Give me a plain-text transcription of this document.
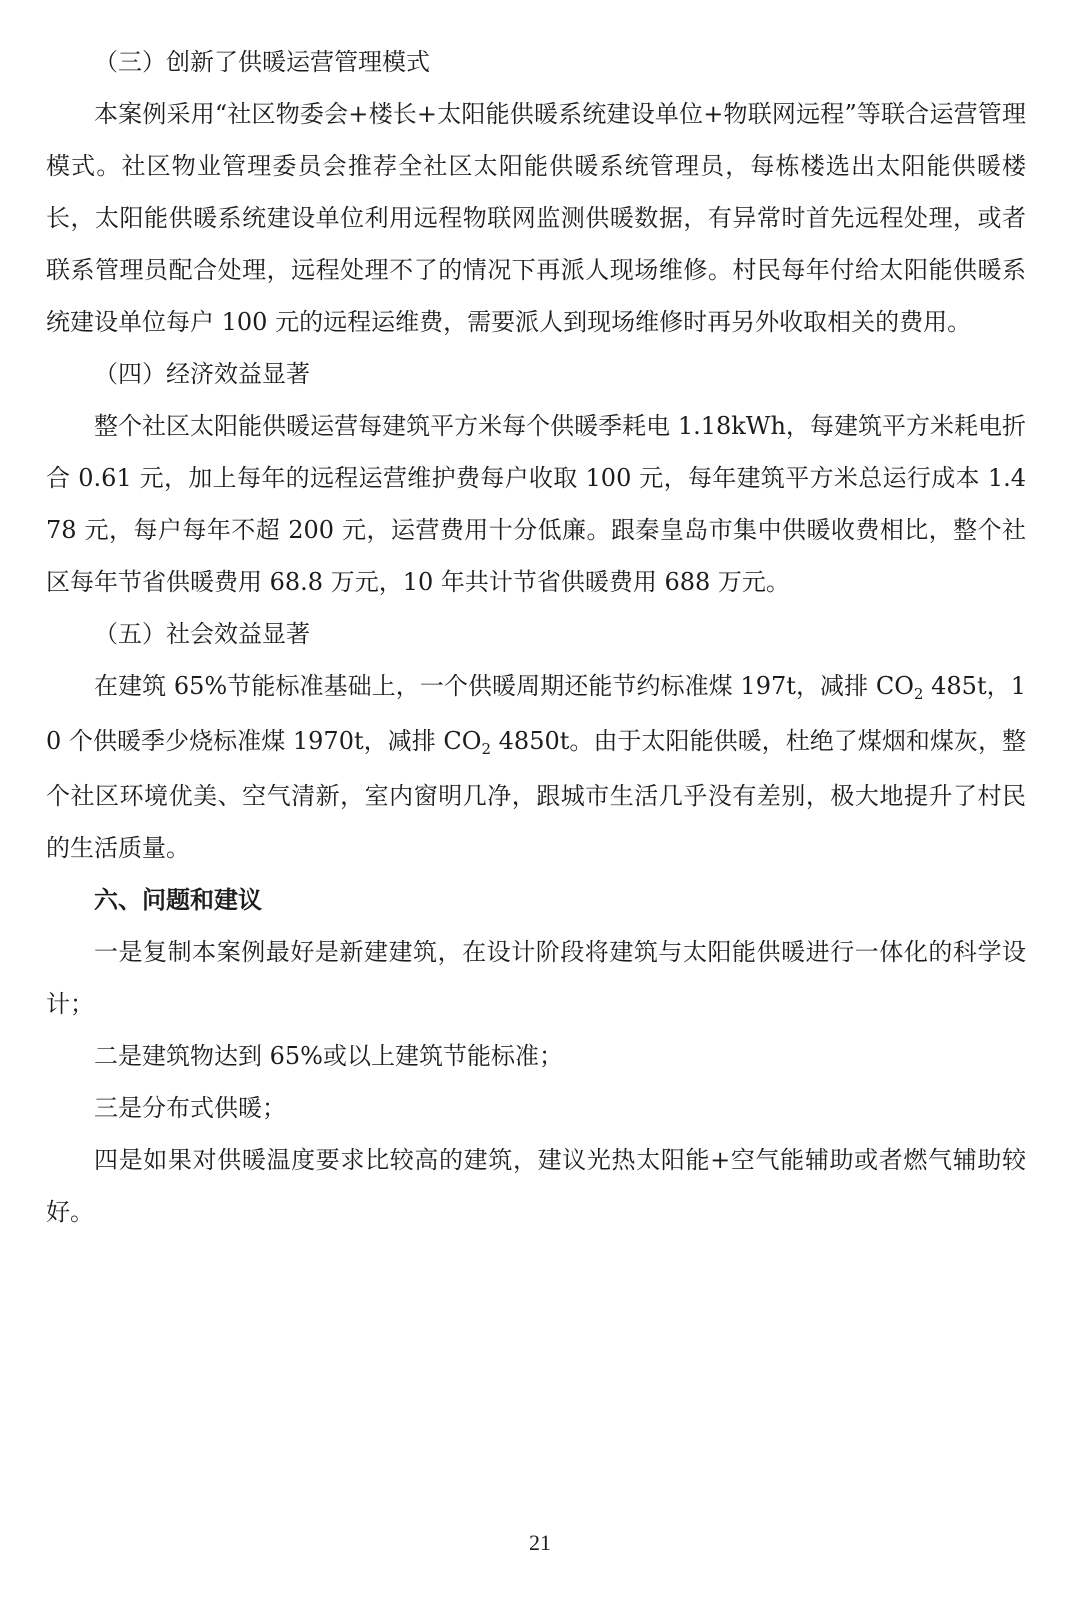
（三）创新了供暖运营管理模式

本案例采用“社区物委会+楼长+太阳能供暖系统建设单位+物联网远程”等联合运营管理模式。社区物业管理委员会推荐全社区太阳能供暖系统管理员，每栋楼选出太阳能供暖楼长，太阳能供暖系统建设单位利用远程物联网监测供暖数据，有异常时首先远程处理，或者联系管理员配合处理，远程处理不了的情况下再派人现场维修。村民每年付给太阳能供暖系统建设单位每户 100 元的远程运维费，需要派人到现场维修时再另外收取相关的费用。

（四）经济效益显著

整个社区太阳能供暖运营每建筑平方米每个供暖季耗电 1.18kWh，每建筑平方米耗电折合 0.61 元，加上每年的远程运营维护费每户收取 100 元，每年建筑平方米总运行成本 1.478 元，每户每年不超 200 元，运营费用十分低廉。跟秦皇岛市集中供暖收费相比，整个社区每年节省供暖费用 68.8 万元，10 年共计节省供暖费用 688 万元。

（五）社会效益显著

在建筑 65%节能标准基础上，一个供暖周期还能节约标准煤 197t，减排 $CO_2$ 485t，10 个供暖季少烧标准煤 1970t，减排 $CO_2$ 4850t。由于太阳能供暖，杜绝了煤烟和煤灰，整个社区环境优美、空气清新，室内窗明几净，跟城市生活几乎没有差别，极大地提升了村民的生活质量。

六、问题和建议

一是复制本案例最好是新建建筑，在设计阶段将建筑与太阳能供暖进行一体化的科学设计；

二是建筑物达到 65%或以上建筑节能标准；

三是分布式供暖；

四是如果对供暖温度要求比较高的建筑，建议光热太阳能+空气能辅助或者燃气辅助较好。

21
